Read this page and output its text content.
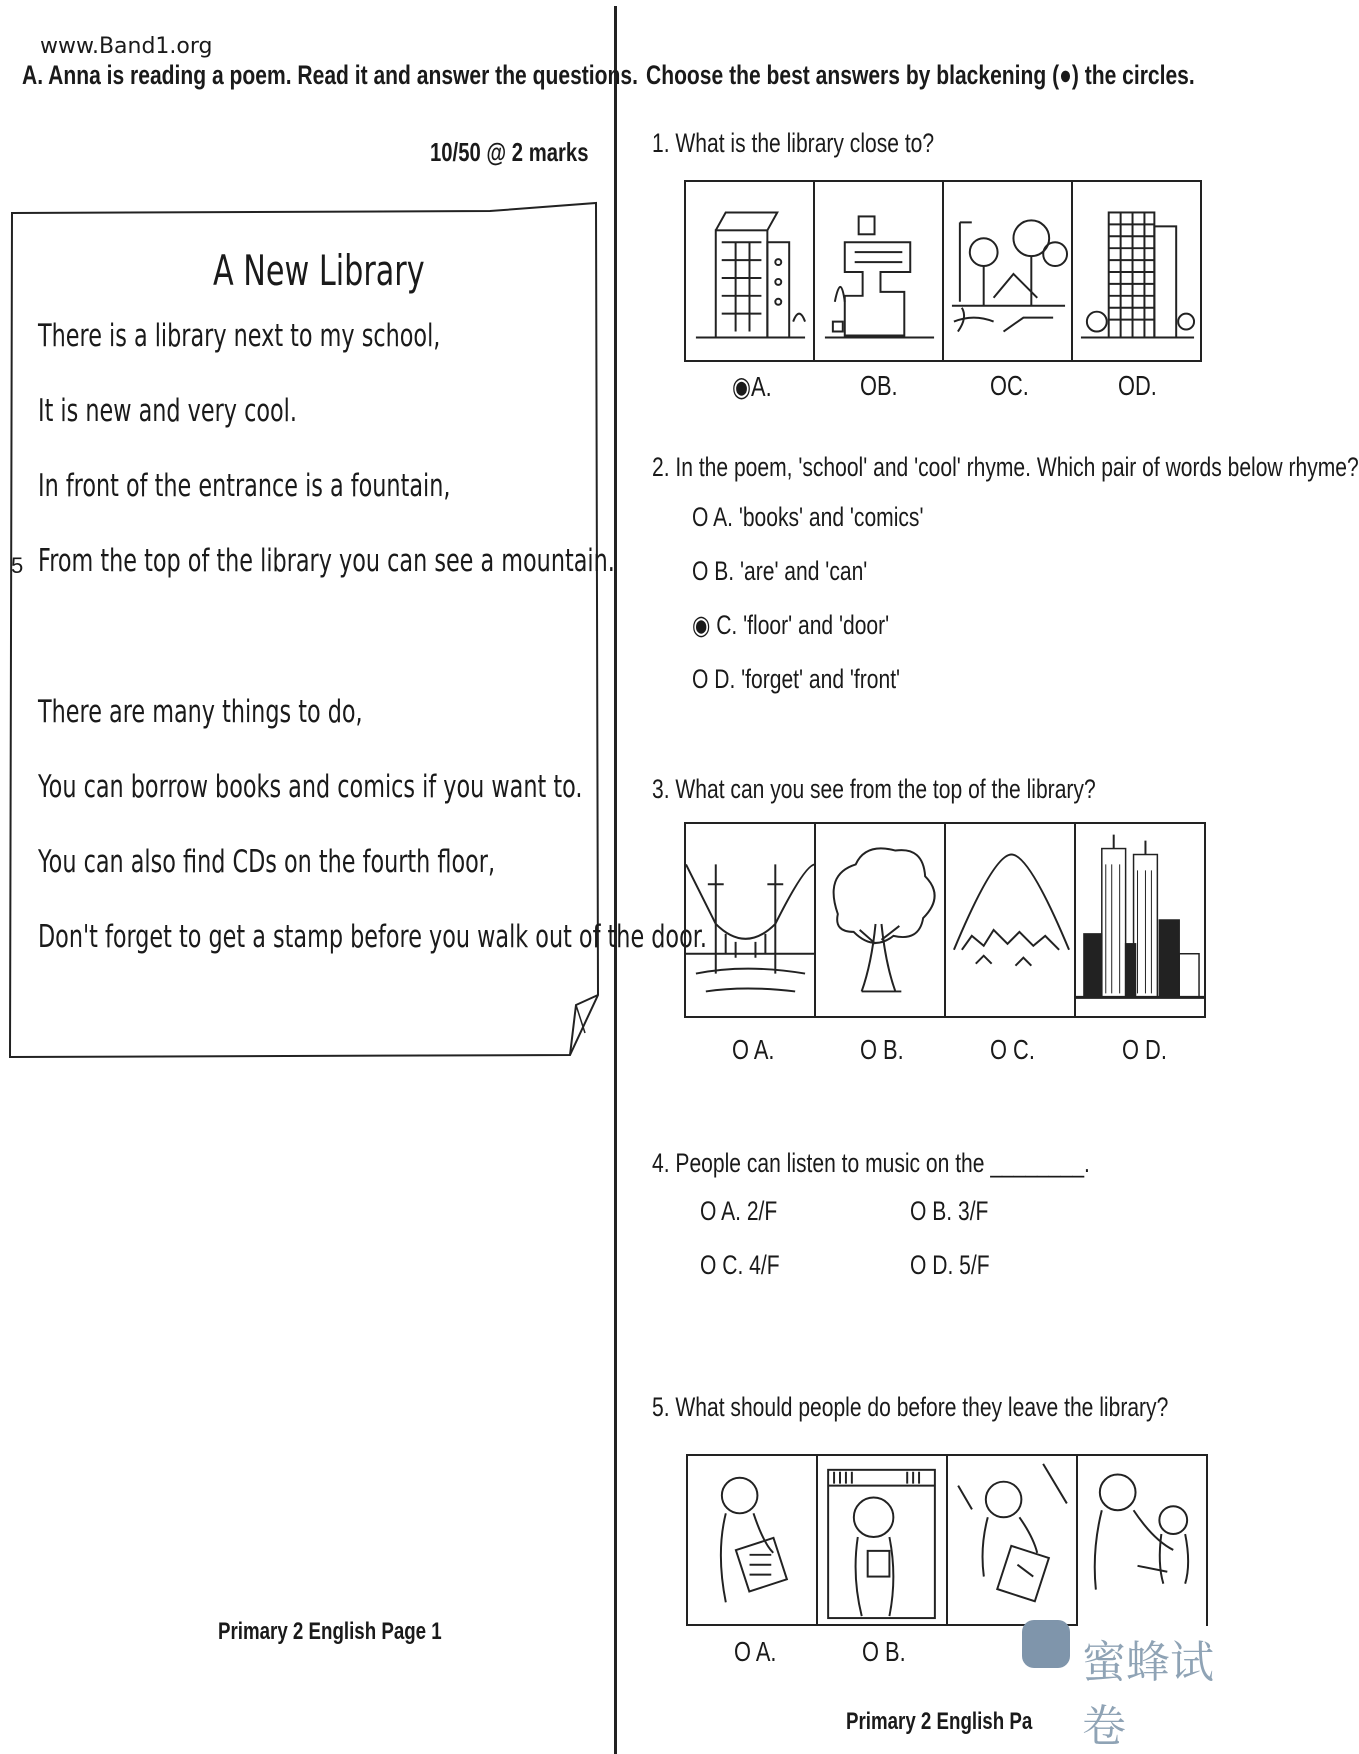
www.Band1.org
A. Anna is reading a poem. Read it and answer the questions.
10/50 @ 2 marks
A New Library
5
There is a library next to my school,
It is new and very cool.
In front of the entrance is a fountain,
From the top of the library you can see a mountain.
There are many things to do,
You can borrow books and comics if you want to.
You can also find CDs on the fourth floor,
Don't forget to get a stamp before you walk out of the door.
Primary 2 English Page 1
Choose the best answers by blackening (●) the circles.
1. What is the library close to?
◉A.	OB.	OC.	OD.
2. In the poem, 'school' and 'cool' rhyme. Which pair of words below rhyme?
O A. 'books' and 'comics'
O B. 'are' and 'can'
◉ C. 'floor' and 'door'
O D. 'forget' and 'front'
3. What can you see from the top of the library?
O A.	O B.	O C.	O D.
4. People can listen to music on the ________.
O A. 2/F	O B. 3/F
O C. 4/F	O D. 5/F
5. What should people do before they leave the library?
O A.	O B.
Primary 2 English Pa
蜜蜂试卷
